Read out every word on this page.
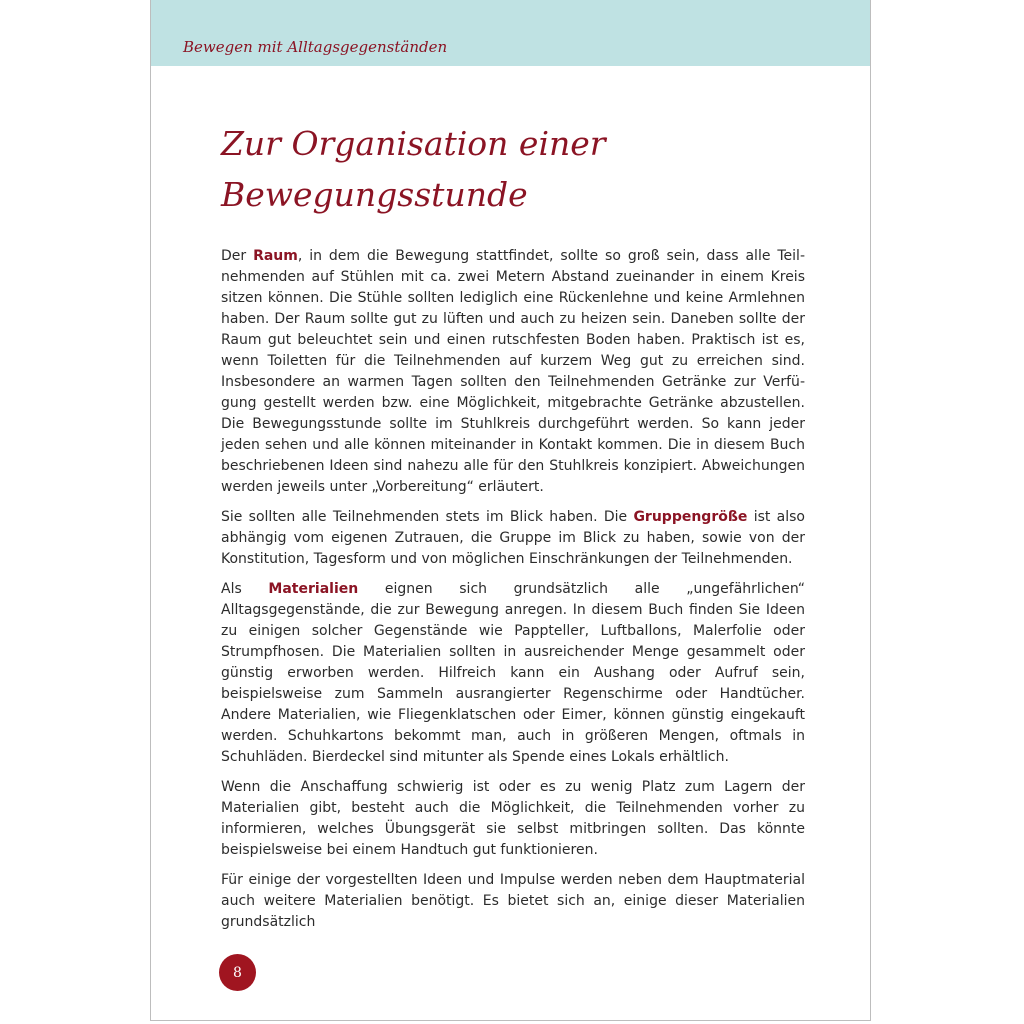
Bewegen mit Alltagsgegenständen
Zur Organisation einer
Bewegungsstunde

Der Raum, in dem die Bewegung stattfindet, sollte so groß sein, dass alle Teilnehmenden auf Stühlen mit ca. zwei Metern Abstand zueinander in einem Kreis sitzen können. Die Stühle sollten lediglich eine Rückenlehne und keine Armlehnen haben. Der Raum sollte gut zu lüften und auch zu heizen sein. Daneben sollte der Raum gut beleuchtet sein und einen rutschfesten Boden haben. Praktisch ist es, wenn Toiletten für die Teilnehmenden auf kurzem Weg gut zu erreichen sind. Insbesondere an warmen Tagen sollten den Teilnehmenden Getränke zur Verfügung gestellt werden bzw. eine Möglichkeit, mitgebrachte Getränke abzustellen. Die Bewegungsstunde sollte im Stuhlkreis durchgeführt werden. So kann jeder jeden sehen und alle können miteinander in Kontakt kommen. Die in diesem Buch beschriebenen Ideen sind nahezu alle für den Stuhlkreis konzipiert. Abweichungen werden jeweils unter „Vorbereitung“ erläutert.

Sie sollten alle Teilnehmenden stets im Blick haben. Die Gruppengröße ist also abhängig vom eigenen Zutrauen, die Gruppe im Blick zu haben, sowie von der Konstitution, Tagesform und von möglichen Einschränkungen der Teilnehmenden.

Als Materialien eignen sich grundsätzlich alle „ungefährlichen“ Alltagsgegenstände, die zur Bewegung anregen. In diesem Buch finden Sie Ideen zu einigen solcher Gegenstände wie Pappteller, Luftballons, Malerfolie oder Strumpfhosen. Die Materialien sollten in ausreichender Menge gesammelt oder günstig erworben werden. Hilfreich kann ein Aushang oder Aufruf sein, beispielsweise zum Sammeln ausrangierter Regenschirme oder Handtücher. Andere Materialien, wie Fliegenklatschen oder Eimer, können günstig eingekauft werden. Schuhkartons bekommt man, auch in größeren Mengen, oftmals in Schuhläden. Bierdeckel sind mitunter als Spende eines Lokals erhältlich.

Wenn die Anschaffung schwierig ist oder es zu wenig Platz zum Lagern der Materialien gibt, besteht auch die Möglichkeit, die Teilnehmenden vorher zu informieren, welches Übungsgerät sie selbst mitbringen sollten. Das könnte beispielsweise bei einem Handtuch gut funktionieren.

Für einige der vorgestellten Ideen und Impulse werden neben dem Hauptmaterial auch weitere Materialien benötigt. Es bietet sich an, einige dieser Materialien grundsätzlich

8
